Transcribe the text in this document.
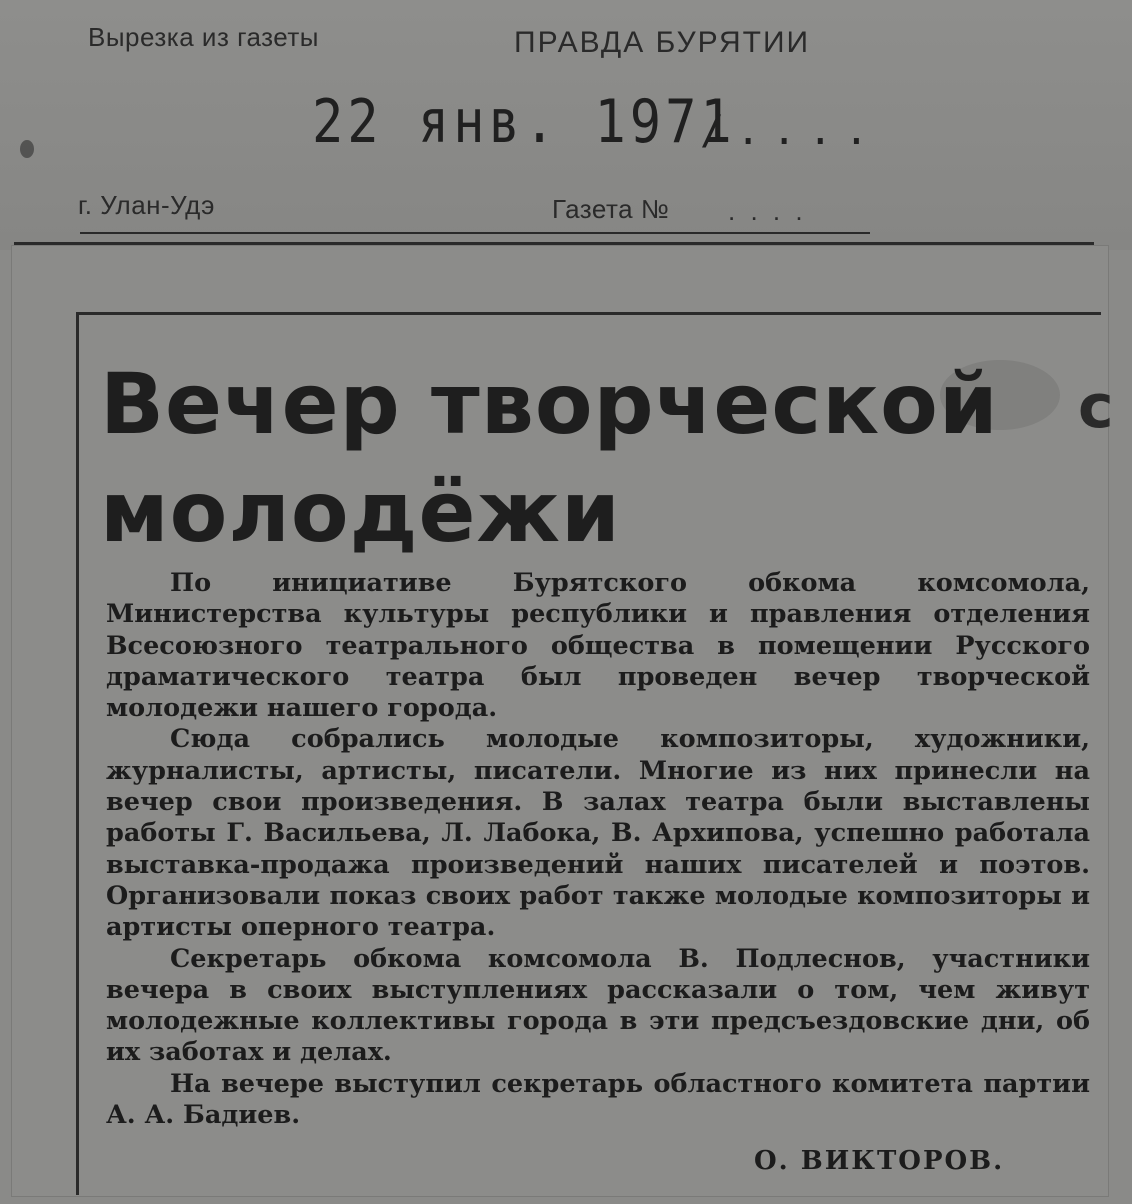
Вырезка из газеты	ПРАВДА БУРЯТИИ
22 янв. 1971
/....
г. Улан-Удэ	Газета № . . . .
Вечер творческой
молодёжи
с

По инициативе Бурятского обкома комсомола, Министерства культуры республики и правления отделения Всесоюзного театрального общества в помещении Русского драматического театра был проведен вечер творческой молодежи нашего города.

Сюда собрались молодые композиторы, художники, журналисты, артисты, писатели. Многие из них принесли на вечер свои произведения. В залах театра были выставлены работы Г. Васильева, Л. Лабока, В. Архипова, успешно работала выставка-продажа произведений наших писателей и поэтов. Организовали показ своих работ также молодые композиторы и артисты оперного театра.

Секретарь обкома комсомола В. Подлеснов, участники вечера в своих выступлениях рассказали о том, чем живут молодежные коллективы города в эти предсъездовские дни, об их заботах и делах.

На вечере выступил секретарь областного комитета партии А. А. Бадиев.

О. ВИКТОРОВ.
